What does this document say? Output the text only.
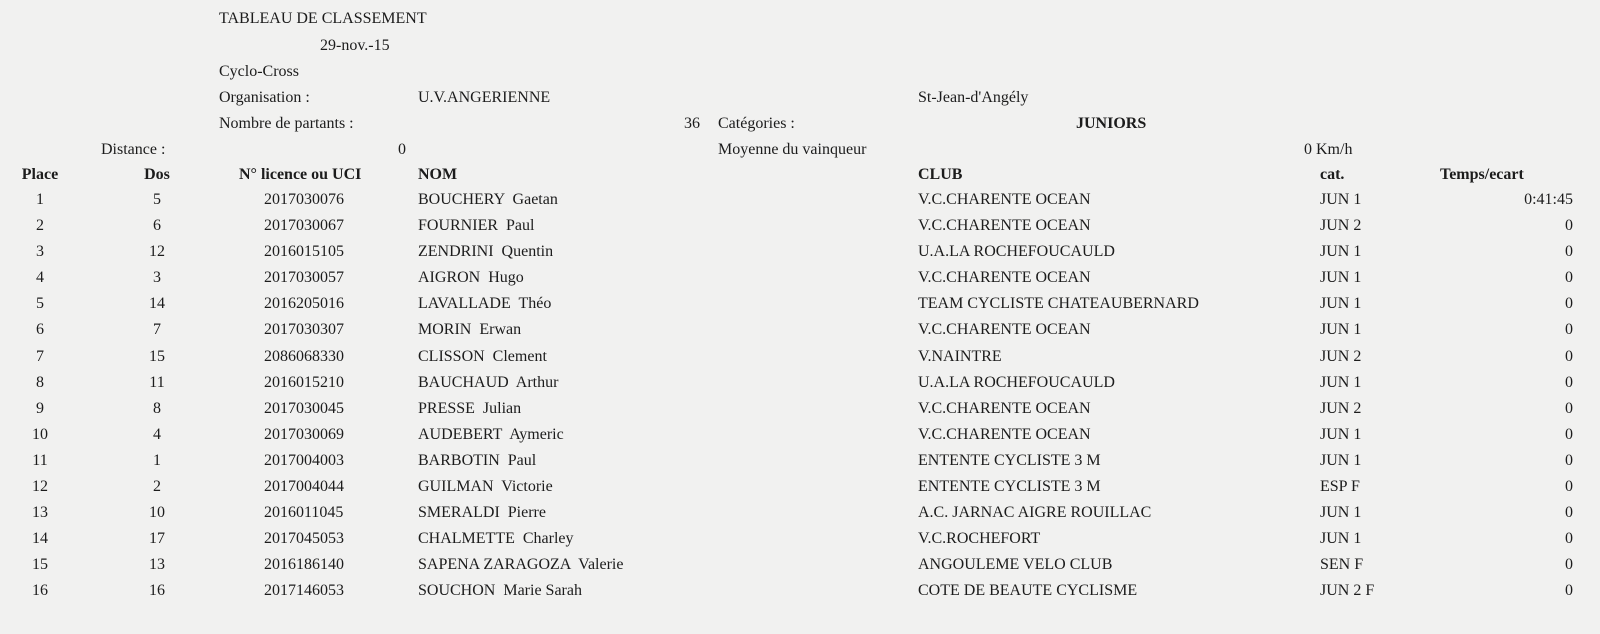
TABLEAU DE CLASSEMENT
29-nov.-15
Cyclo-Cross
Organisation :	U.V.ANGERIENNE	St-Jean-d'Angély
Nombre de partants :	36 Catégories :	JUNIORS
Distance :	0	Moyenne du vainqueur	0 Km/h
Place	Dos	N° licence ou UCI	NOM	CLUB	cat.	Temps/ecart
1	5	2017030076	BOUCHERY  Gaetan	V.C.CHARENTE OCEAN	JUN 1	0:41:45
2	6	2017030067	FOURNIER  Paul	V.C.CHARENTE OCEAN	JUN 2	0
3	12	2016015105	ZENDRINI  Quentin	U.A.LA ROCHEFOUCAULD	JUN 1	0
4	3	2017030057	AIGRON  Hugo	V.C.CHARENTE OCEAN	JUN 1	0
5	14	2016205016	LAVALLADE  Théo	TEAM CYCLISTE CHATEAUBERNARD	JUN 1	0
6	7	2017030307	MORIN  Erwan	V.C.CHARENTE OCEAN	JUN 1	0
7	15	2086068330	CLISSON  Clement	V.NAINTRE	JUN 2	0
8	11	2016015210	BAUCHAUD  Arthur	U.A.LA ROCHEFOUCAULD	JUN 1	0
9	8	2017030045	PRESSE  Julian	V.C.CHARENTE OCEAN	JUN 2	0
10	4	2017030069	AUDEBERT  Aymeric	V.C.CHARENTE OCEAN	JUN 1	0
11	1	2017004003	BARBOTIN  Paul	ENTENTE CYCLISTE 3 M	JUN 1	0
12	2	2017004044	GUILMAN  Victorie	ENTENTE CYCLISTE 3 M	ESP F	0
13	10	2016011045	SMERALDI  Pierre	A.C. JARNAC AIGRE ROUILLAC	JUN 1	0
14	17	2017045053	CHALMETTE  Charley	V.C.ROCHEFORT	JUN 1	0
15	13	2016186140	SAPENA ZARAGOZA  Valerie	ANGOULEME VELO CLUB	SEN F	0
16	16	2017146053	SOUCHON  Marie Sarah	COTE DE BEAUTE CYCLISME	JUN 2 F	0
